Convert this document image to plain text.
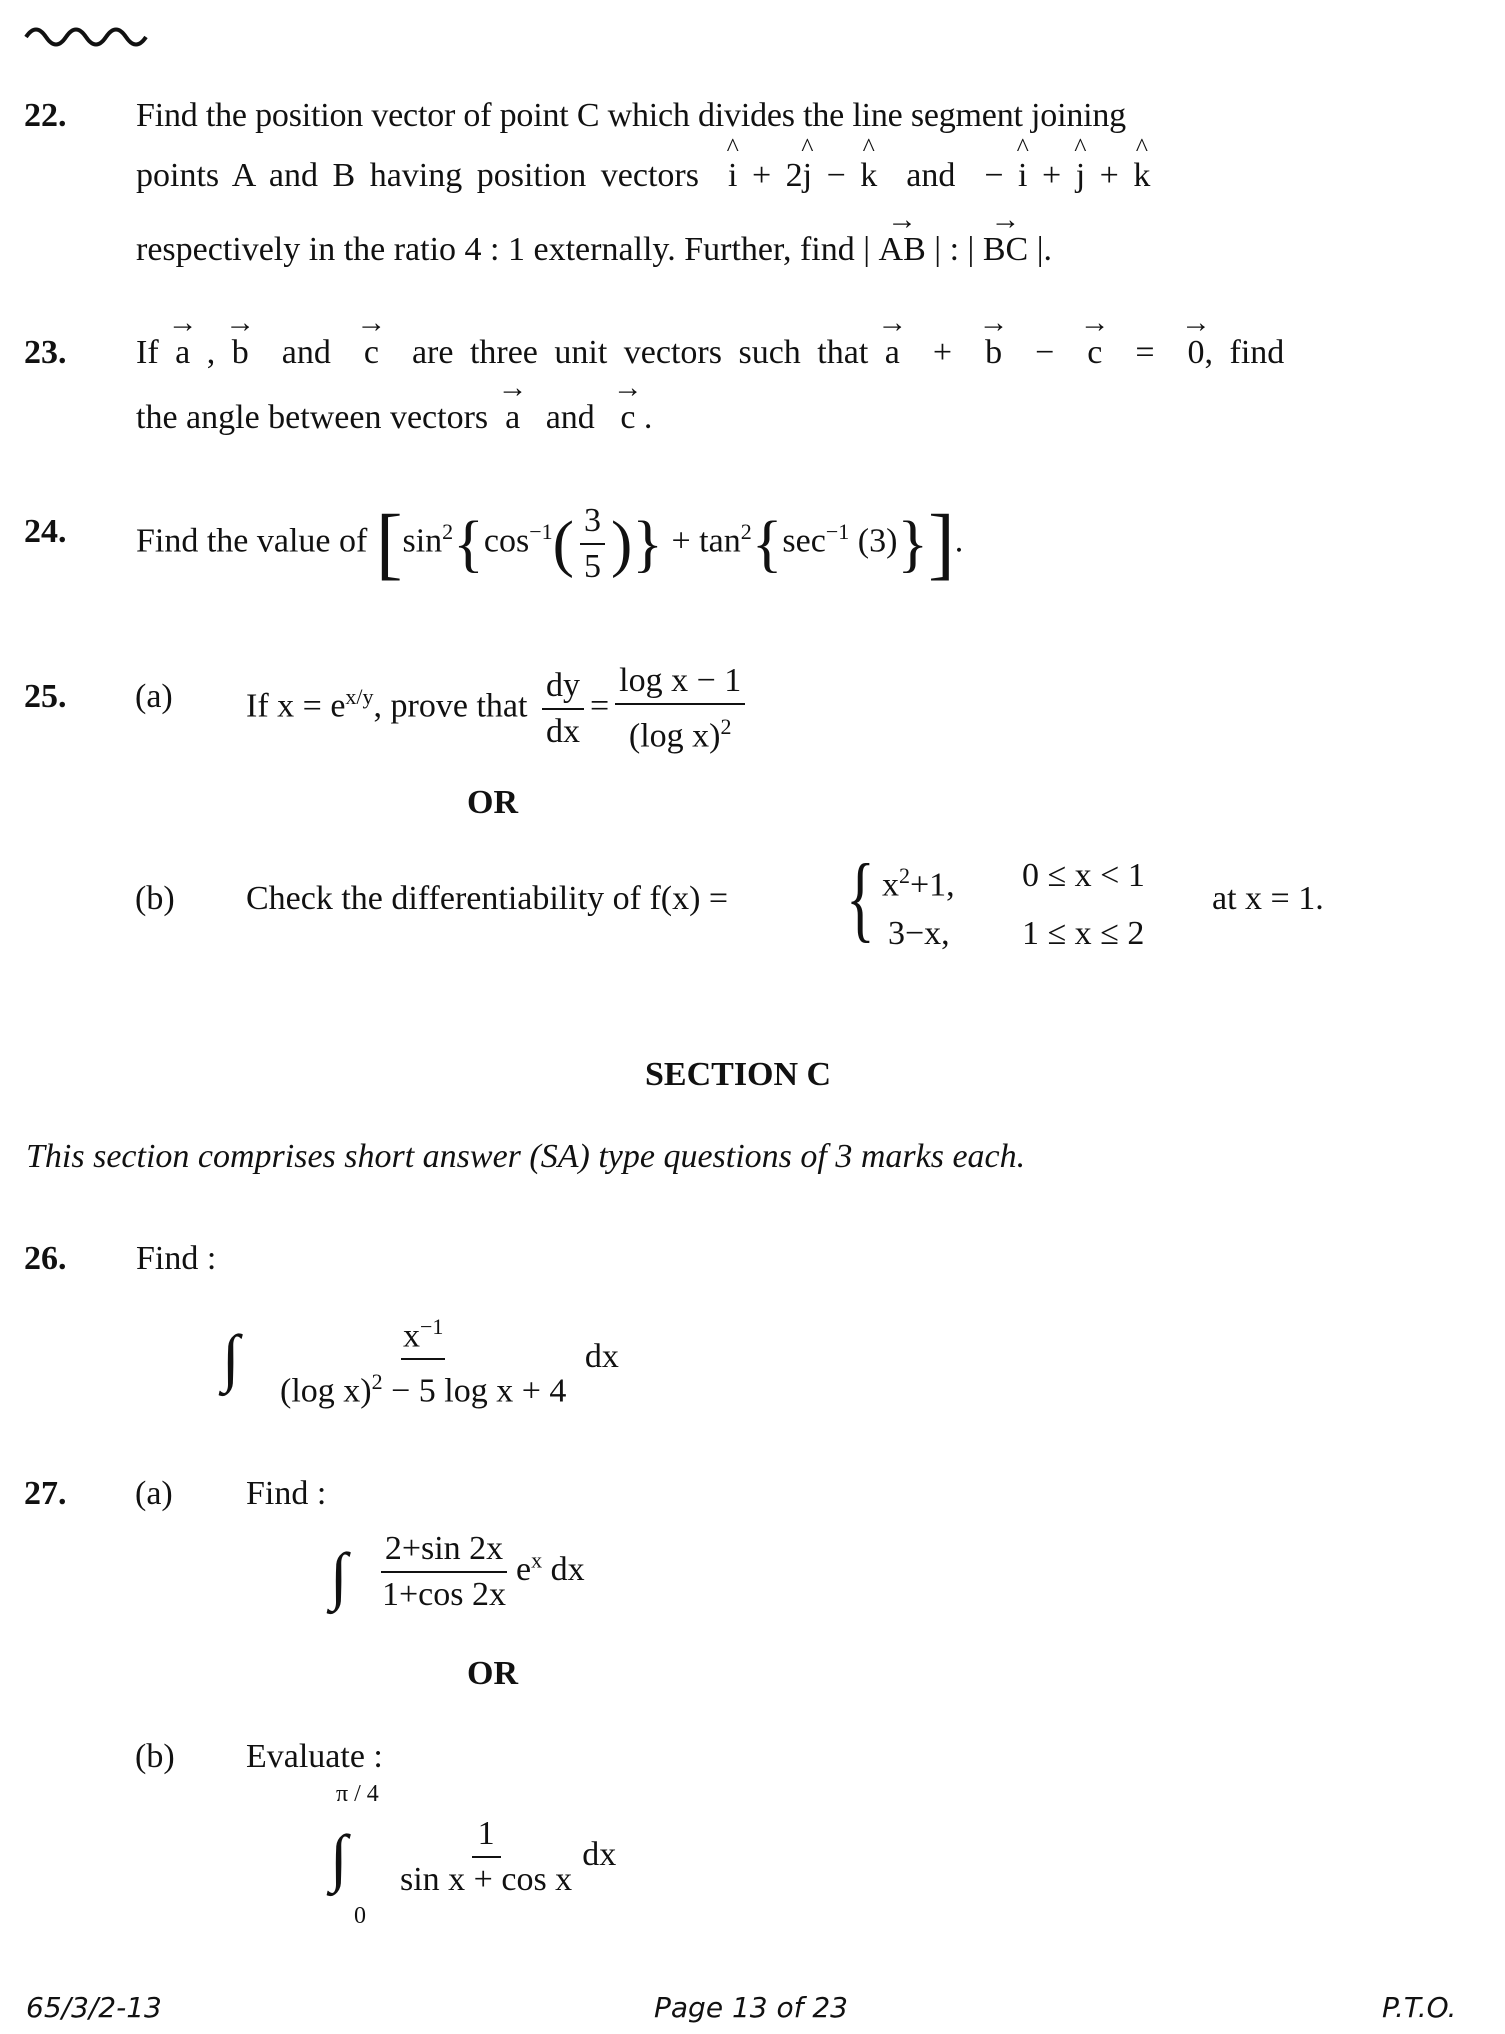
22. Find the position vector of point C which divides the line segment joining
points A and B having position vectors ^ i + 2^ j − ^ k and − ^ i + ^ j + ^ k
respectively in the ratio 4 : 1 externally. Further, find | → AB | : | → BC |.
23. If → a , → b and → c are three unit vectors such that → a + → b − → c = → 0, find
the angle between vectors → a and → c .
24. Find the value of [$\sin^2\{\cos^{-1}( \frac{3}{5}$ )} + $\tan^2\{\sec^{-1}$ (3)}].
25. (a) If $x = e^{x/y}$, prove that $\frac{dy}{dx} = \frac{\text{log x − 1}}{(\log x)^2}$
OR
(b) Check the differentiability of f(x) = { $x^2+1$, 0 ≤ x < 1
3−x, 1 ≤ x ≤ 2
at x = 1.
SECTION C
This section comprises short answer (SA) type questions of 3 marks each.
26. Find :
∫ $\frac{x^{-1}}{(\log x)^2 - 5 \log x + 4}$ dx
27. (a) Find :
∫ $\frac{2+\sin 2x}{1+\cos 2x} e^x$ dx
OR
(b) Evaluate :
π / 4
∫
0
$\frac{1}{\text{sin x + cos x}}$ dx
65/3/2-13	Page 13 of 23	P.T.O.
